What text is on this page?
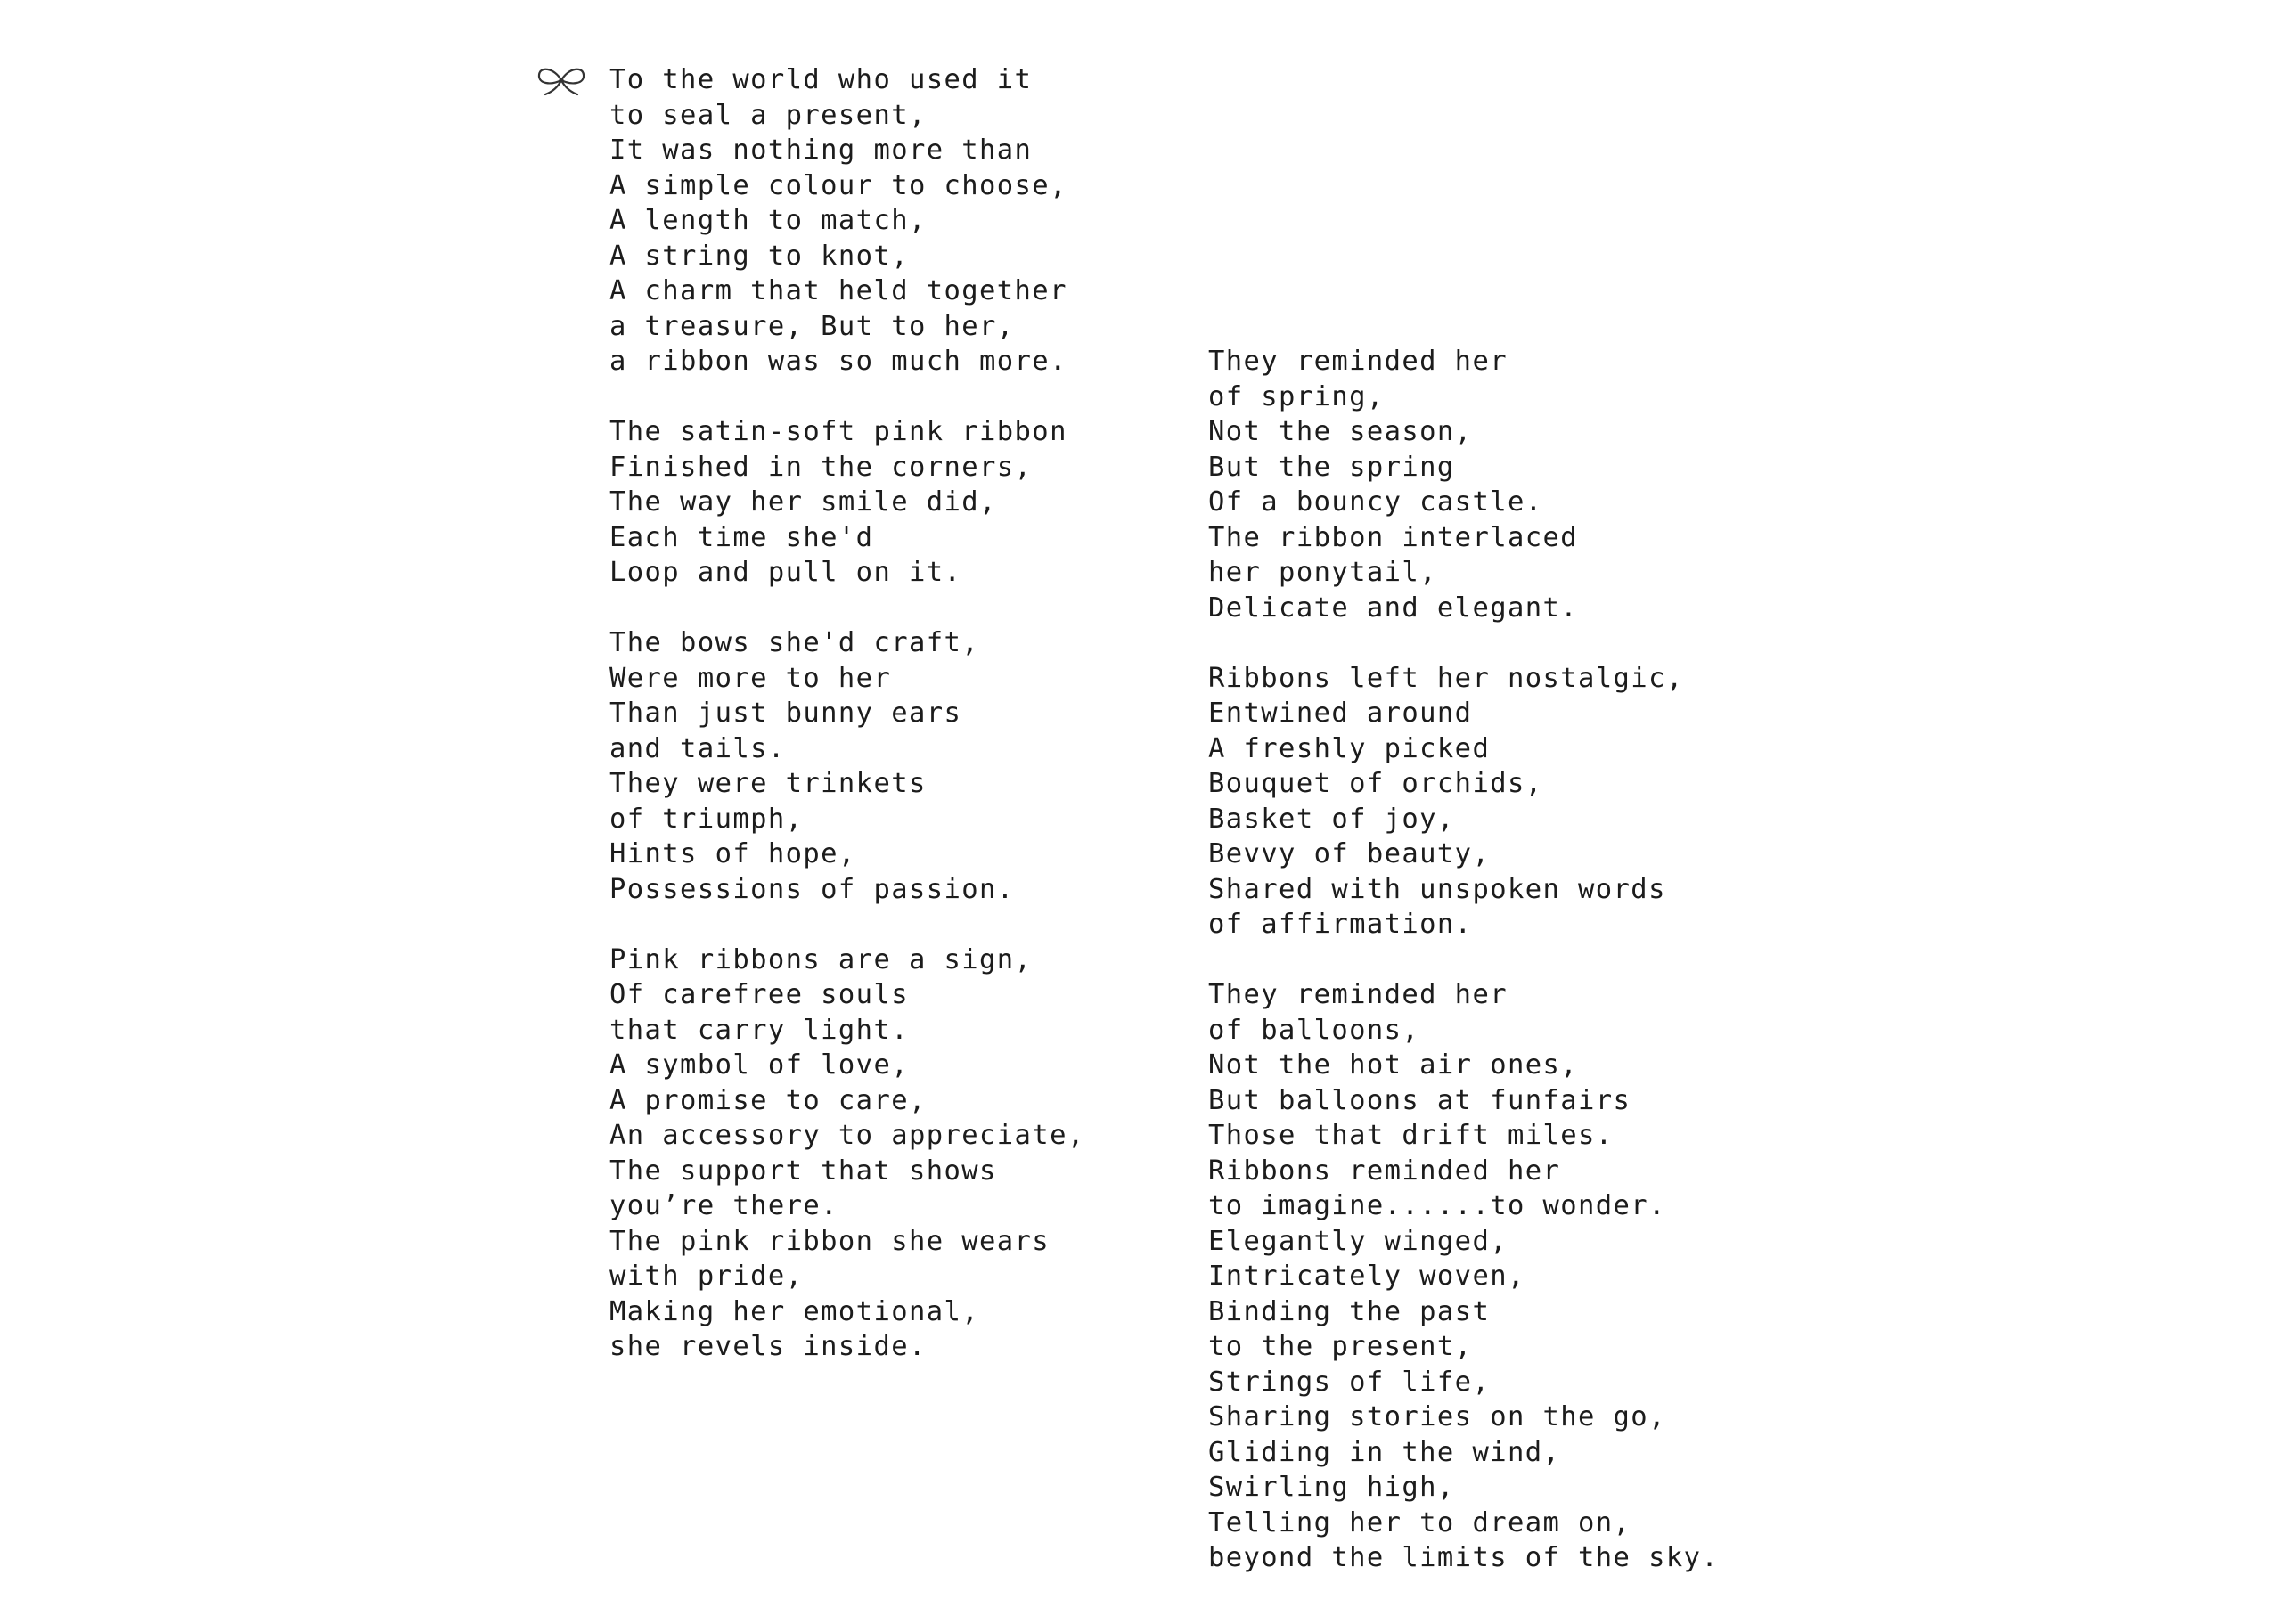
To the world who used it
to seal a present,
It was nothing more than
A simple colour to choose,
A length to match,
A string to knot,
A charm that held together
a treasure, But to her,
a ribbon was so much more.
The satin-soft pink ribbon
Finished in the corners,
The way her smile did,
Each time she'd
Loop and pull on it.
The bows she'd craft,
Were more to her
Than just bunny ears
and tails.
They were trinkets
of triumph,
Hints of hope,
Possessions of passion.
Pink ribbons are a sign,
Of carefree souls
that carry light.
A symbol of love,
A promise to care,
An accessory to appreciate,
The support that shows
you’re there.
The pink ribbon she wears
with pride,
Making her emotional,
she revels inside.
They reminded her
of spring,
Not the season,
But the spring
Of a bouncy castle.
The ribbon interlaced
her ponytail,
Delicate and elegant.
Ribbons left her nostalgic,
Entwined around
A freshly picked
Bouquet of orchids,
Basket of joy,
Bevvy of beauty,
Shared with unspoken words
of affirmation.
They reminded her
of balloons,
Not the hot air ones,
But balloons at funfairs
Those that drift miles.
Ribbons reminded her
to imagine......to wonder.
Elegantly winged,
Intricately woven,
Binding the past
to the present,
Strings of life,
Sharing stories on the go,
Gliding in the wind,
Swirling high,
Telling her to dream on,
beyond the limits of the sky.
